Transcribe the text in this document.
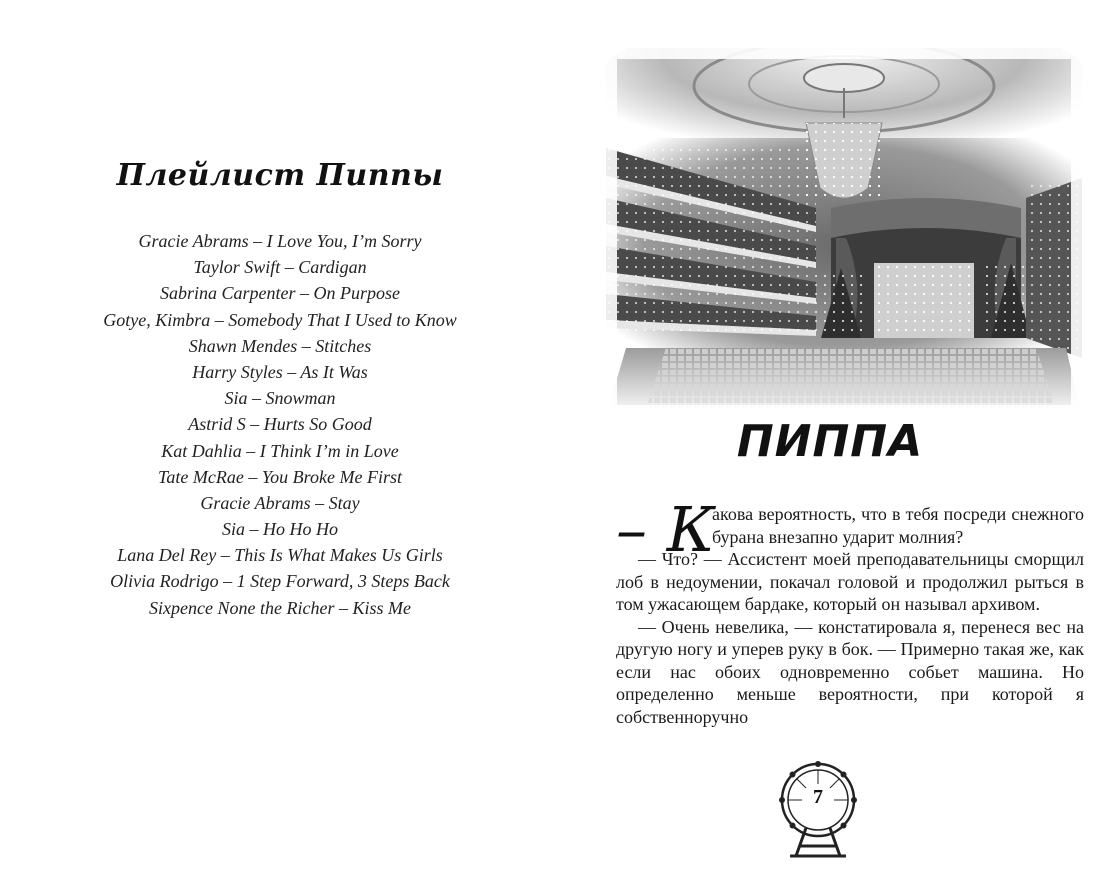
Плейлист Пиппы
Gracie Abrams – I Love You, I’m Sorry
Taylor Swift – Cardigan
Sabrina Carpenter – On Purpose
Gotye, Kimbra – Somebody That I Used to Know
Shawn Mendes – Stitches
Harry Styles – As It Was
Sia – Snowman
Astrid S – Hurts So Good
Kat Dahlia – I Think I’m in Love
Tate McRae – You Broke Me First
Gracie Abrams – Stay
Sia – Ho Ho Ho
Lana Del Rey – This Is What Makes Us Girls
Olivia Rodrigo – 1 Step Forward, 3 Steps Back
Sixpence None the Richer – Kiss Me
ПИППА
– К
акова вероятность, что в тебя посреди снежного бурана внезапно ударит молния?

— Что? — Ассистент моей преподавательницы сморщил лоб в недоумении, покачал головой и продолжил рыться в том ужасающем бардаке, который он называл архивом.

— Очень невелика, — констатировала я, перенеся вес на другую ногу и уперев руку в бок. — Примерно такая же, как если нас обоих одновременно собьет машина. Но определенно меньше вероятности, при которой я собственноручно

7
